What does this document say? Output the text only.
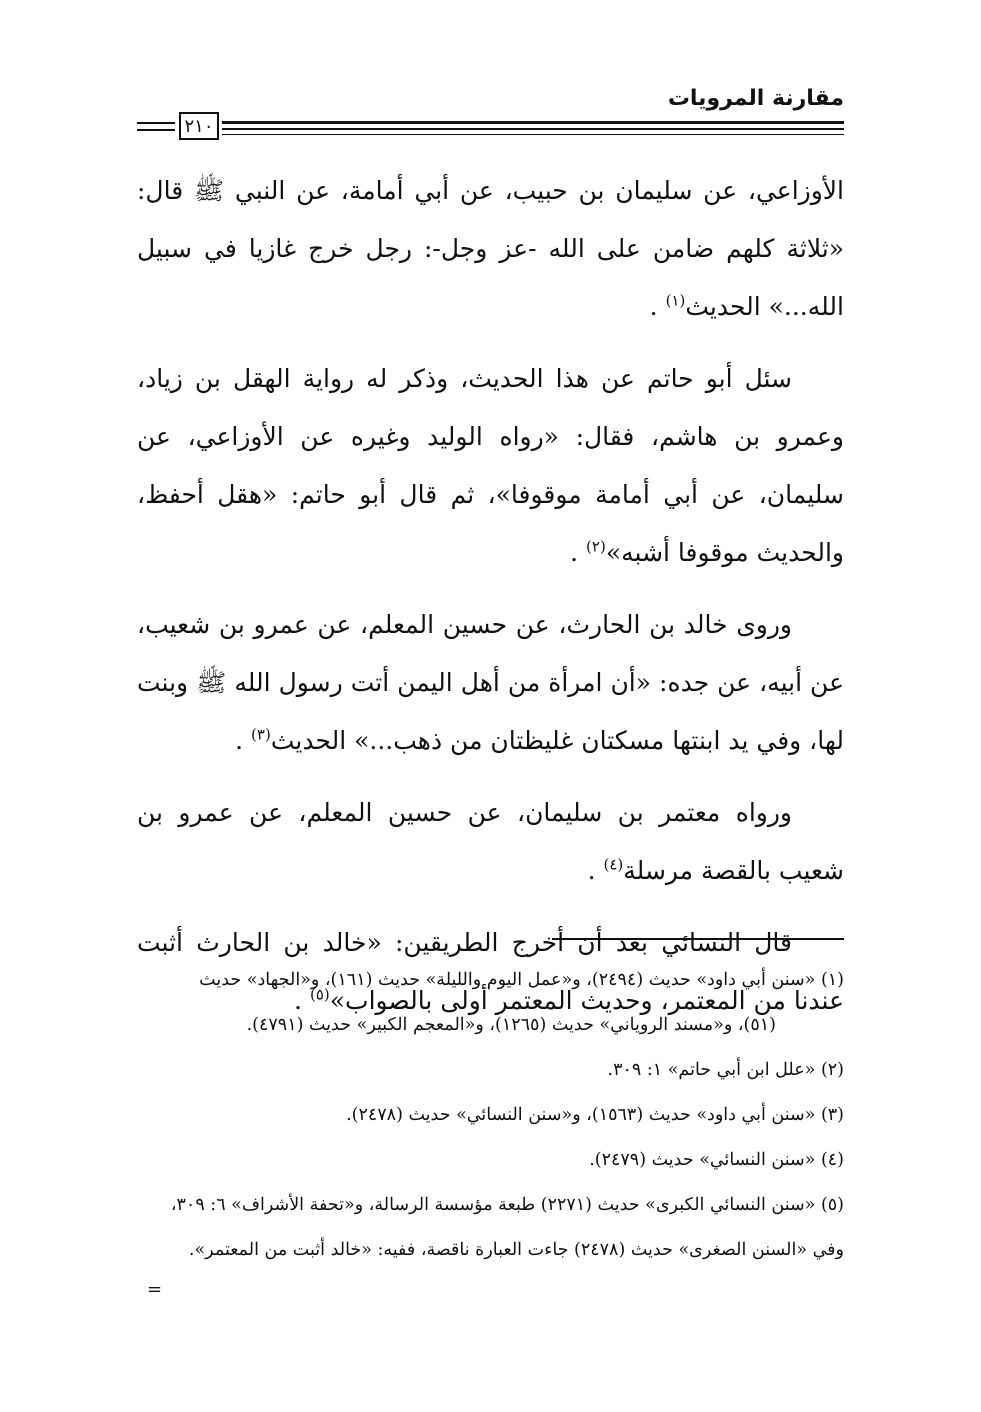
مقارنة المرويات
٢١٠

الأوزاعي، عن سليمان بن حبيب، عن أبي أمامة، عن النبي ﷺ قال: «ثلاثة كلهم ضامن على الله -عز وجل-: رجل خرج غازيا في سبيل الله...» الحديث$^{(١)}$ .

سئل أبو حاتم عن هذا الحديث، وذكر له رواية الهقل بن زياد، وعمرو بن هاشم، فقال: «رواه الوليد وغيره عن الأوزاعي، عن سليمان، عن أبي أمامة موقوفا»، ثم قال أبو حاتم: «هقل أحفظ، والحديث موقوفا أشبه»$^{(٢)}$ .

وروى خالد بن الحارث، عن حسين المعلم، عن عمرو بن شعيب، عن أبيه، عن جده: «أن امرأة من أهل اليمن أتت رسول الله ﷺ وبنت لها، وفي يد ابنتها مسكتان غليظتان من ذهب...» الحديث$^{(٣)}$ .

ورواه معتمر بن سليمان، عن حسين المعلم، عن عمرو بن شعيب بالقصة مرسلة$^{(٤)}$ .

قال النسائي بعد أن أخرج الطريقين: «خالد بن الحارث أثبت عندنا من المعتمر، وحديث المعتمر أولى بالصواب»$^{(٥)}$ .

(١) «سنن أبي داود» حديث (٢٤٩٤)، و«عمل اليوم والليلة» حديث (١٦١)، و«الجهاد» حديث
(٥١)، و«مسند الروياني» حديث (١٢٦٥)، و«المعجم الكبير» حديث (٤٧٩١).

(٢) «علل ابن أبي حاتم» ١: ٣٠٩.

(٣) «سنن أبي داود» حديث (١٥٦٣)، و«سنن النسائي» حديث (٢٤٧٨).

(٤) «سنن النسائي» حديث (٢٤٧٩).

(٥) «سنن النسائي الكبرى» حديث (٢٢٧١) طبعة مؤسسة الرسالة، و«تحفة الأشراف» ٦: ٣٠٩،
وفي «السنن الصغرى» حديث (٢٤٧٨) جاءت العبارة ناقصة، ففيه: «خالد أثبت من المعتمر».

=
